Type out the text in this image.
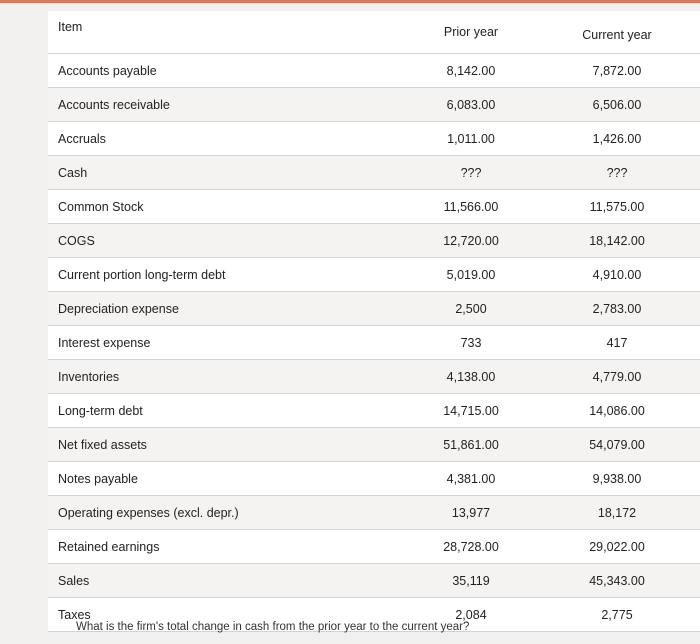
Item	Prior year	Current year
Accounts payable	8,142.00	7,872.00
Accounts receivable	6,083.00	6,506.00
Accruals	1,011.00	1,426.00
Cash	???	???
Common Stock	11,566.00	11,575.00
COGS	12,720.00	18,142.00
Current portion long-term debt	5,019.00	4,910.00
Depreciation expense	2,500	2,783.00
Interest expense	733	417
Inventories	4,138.00	4,779.00
Long-term debt	14,715.00	14,086.00
Net fixed assets	51,861.00	54,079.00
Notes payable	4,381.00	9,938.00
Operating expenses (excl. depr.)	13,977	18,172
Retained earnings	28,728.00	29,022.00
Sales	35,119	45,343.00
Taxes	2,084	2,775
What is the firm's total change in cash from the prior year to the current year?
